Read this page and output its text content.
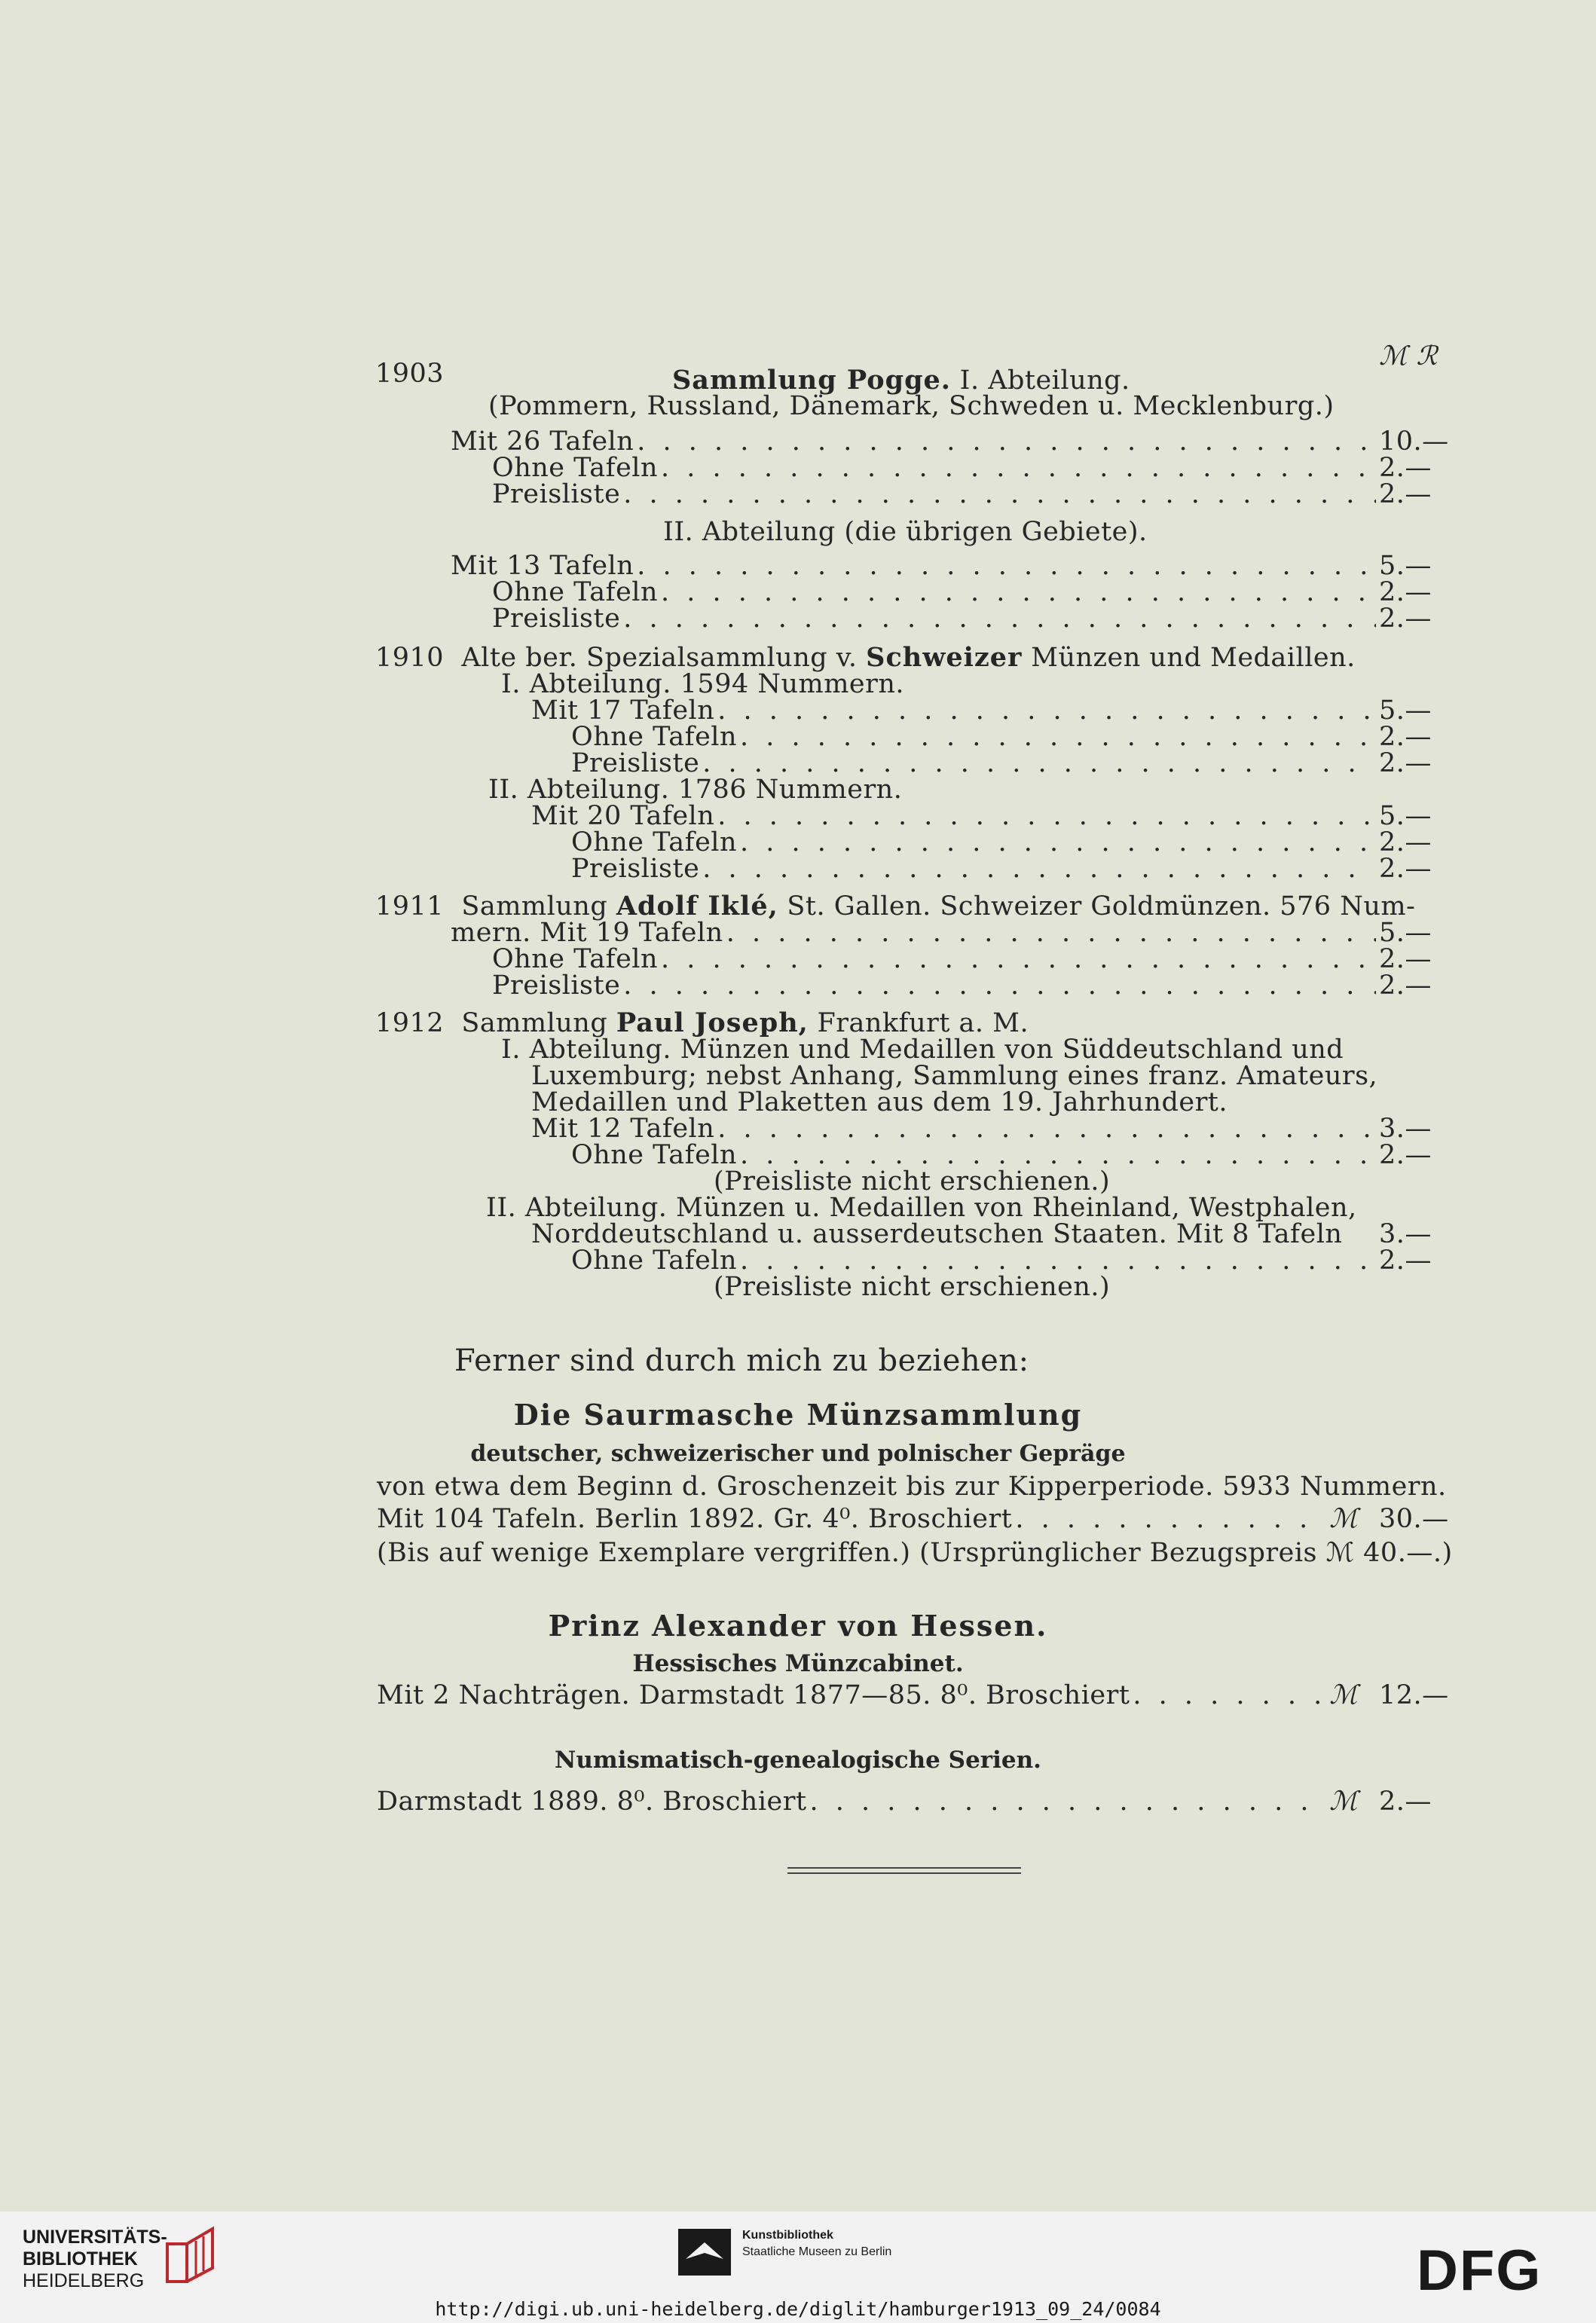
ℳ ℛ
1903	Sammlung Pogge. I. Abteilung.
(Pommern, Russland, Dänemark, Schweden u. Mecklenburg.)
Mit 26 Tafeln . . .	10.—
Ohne Tafeln . . .	2.—
Preisliste . . .	2.—
II. Abteilung (die übrigen Gebiete).
Mit 13 Tafeln . . .	5.—
Ohne Tafeln . . .	2.—
Preisliste . . .	2.—
1910 Alte ber. Spezialsammlung v. Schweizer Münzen und Medaillen.
I. Abteilung. 1594 Nummern.
Mit 17 Tafeln . . .	5.—
Ohne Tafeln . . .	2.—
Preisliste . . .	2.—
II. Abteilung. 1786 Nummern.
Mit 20 Tafeln . . .	5.—
Ohne Tafeln . . .	2.—
Preisliste . . .	2.—
1911 Sammlung Adolf Iklé, St. Gallen. Schweizer Goldmünzen. 576 Num-
mern. Mit 19 Tafeln . . .	5.—
Ohne Tafeln . . .	2.—
Preisliste . . .	2.—
1912 Sammlung Paul Joseph, Frankfurt a. M.
I. Abteilung. Münzen und Medaillen von Süddeutschland und
Luxemburg; nebst Anhang, Sammlung eines franz. Amateurs,
Medaillen und Plaketten aus dem 19. Jahrhundert.
Mit 12 Tafeln . . .	3.—
Ohne Tafeln . . .	2.—
(Preisliste nicht erschienen.)
II. Abteilung. Münzen u. Medaillen von Rheinland, Westphalen,
Norddeutschland u. ausserdeutschen Staaten. Mit 8 Tafeln 3.—
Ohne Tafeln . . .	2.—
(Preisliste nicht erschienen.)
Ferner sind durch mich zu beziehen:
Die Saurmasche Münzsammlung
deutscher, schweizerischer und polnischer Gepräge
von etwa dem Beginn d. Groschenzeit bis zur Kipperperiode. 5933 Nummern.
Mit 104 Tafeln. Berlin 1892. Gr. 4⁰. Broschiert . . .	ℳ 30.—
(Bis auf wenige Exemplare vergriffen.) (Ursprünglicher Bezugspreis ℳ 40.—.)
Prinz Alexander von Hessen.
Hessisches Münzcabinet.
Mit 2 Nachträgen. Darmstadt 1877—85. 8⁰. Broschiert . . .	ℳ 12.—
Numismatisch-genealogische Serien.
Darmstadt 1889. 8⁰. Broschiert . . .	ℳ 2.—
UNIVERSITÄTS-
BIBLIOTHEK
HEIDELBERG
Kunstbibliothek
Staatliche Museen zu Berlin	DFG
http://digi.ub.uni-heidelberg.de/diglit/hamburger1913_09_24/0084
